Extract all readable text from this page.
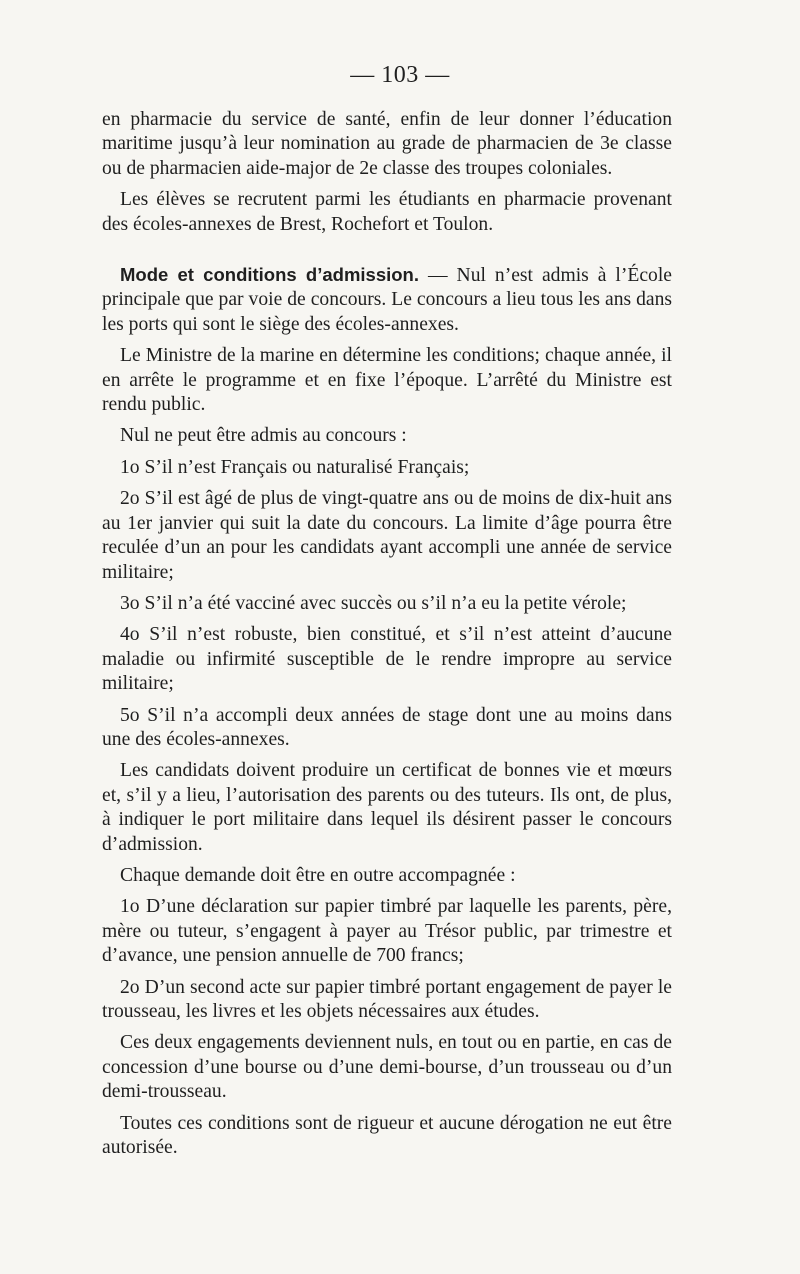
— 103 —

en pharmacie du service de santé, enfin de leur donner l’éducation maritime jusqu’à leur nomination au grade de pharmacien de 3e classe ou de pharmacien aide-major de 2e classe des troupes coloniales.

Les élèves se recrutent parmi les étudiants en pharmacie provenant des écoles-annexes de Brest, Rochefort et Toulon.

Mode et conditions d’admission. — Nul n’est admis à l’École principale que par voie de concours. Le concours a lieu tous les ans dans les ports qui sont le siège des écoles-annexes.

Le Ministre de la marine en détermine les conditions; chaque année, il en arrête le programme et en fixe l’époque. L’arrêté du Ministre est rendu public.

Nul ne peut être admis au concours :

1o S’il n’est Français ou naturalisé Français;

2o S’il est âgé de plus de vingt-quatre ans ou de moins de dix-huit ans au 1er janvier qui suit la date du concours. La limite d’âge pourra être reculée d’un an pour les candidats ayant accompli une année de service militaire;

3o S’il n’a été vacciné avec succès ou s’il n’a eu la petite vérole;

4o S’il n’est robuste, bien constitué, et s’il n’est atteint d’aucune maladie ou infirmité susceptible de le rendre impropre au service militaire;

5o S’il n’a accompli deux années de stage dont une au moins dans une des écoles-annexes.

Les candidats doivent produire un certificat de bonnes vie et mœurs et, s’il y a lieu, l’autorisation des parents ou des tuteurs. Ils ont, de plus, à indiquer le port militaire dans lequel ils désirent passer le concours d’admission.

Chaque demande doit être en outre accompagnée :

1o D’une déclaration sur papier timbré par laquelle les parents, père, mère ou tuteur, s’engagent à payer au Trésor public, par trimestre et d’avance, une pension annuelle de 700 francs;

2o D’un second acte sur papier timbré portant engagement de payer le trousseau, les livres et les objets nécessaires aux études.

Ces deux engagements deviennent nuls, en tout ou en partie, en cas de concession d’une bourse ou d’une demi-bourse, d’un trousseau ou d’un demi-trousseau.

Toutes ces conditions sont de rigueur et aucune dérogation ne eut être autorisée.
